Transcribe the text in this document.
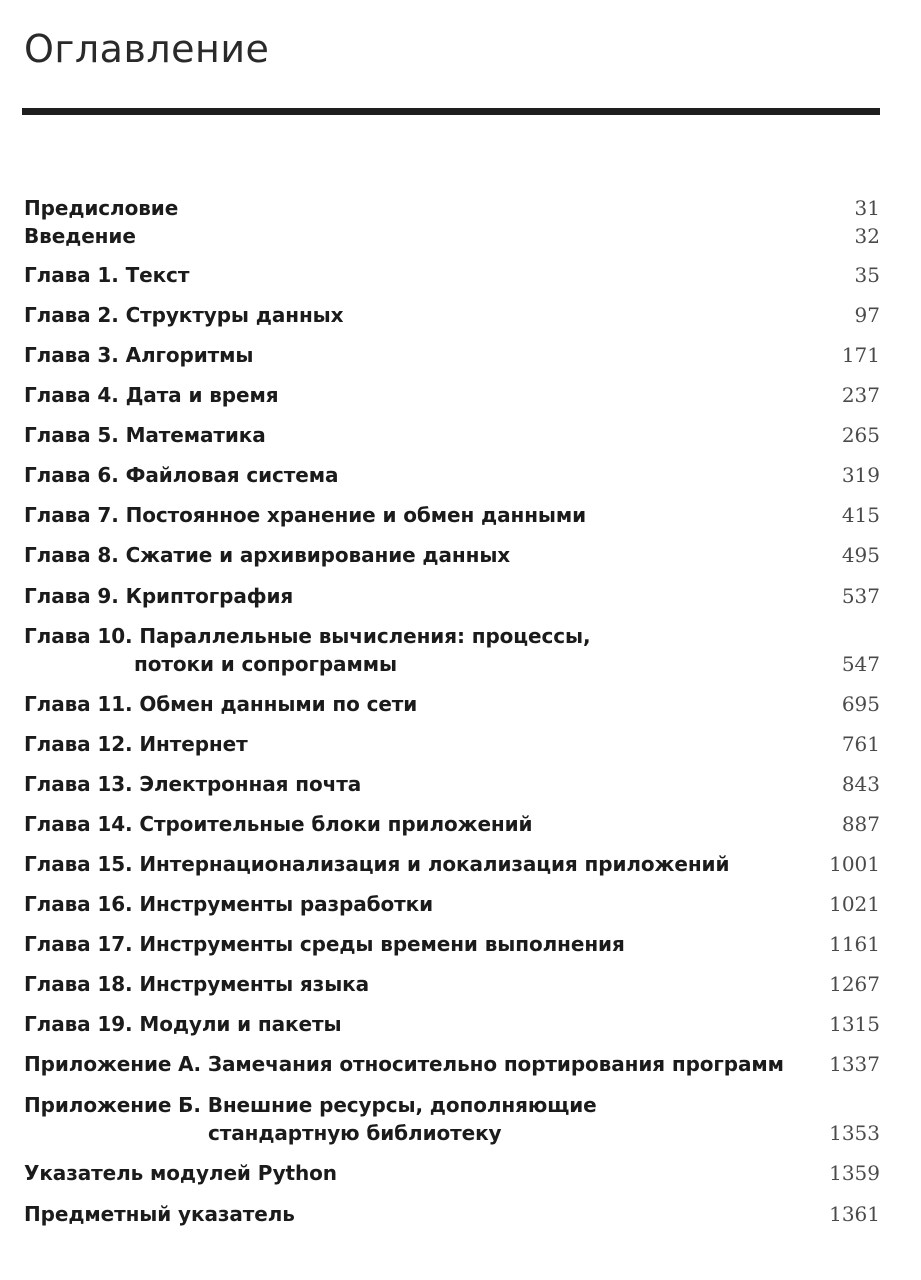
Оглавление
Предисловие	31
Введение	32
Глава 1. Текст	35
Глава 2. Структуры данных	97
Глава 3. Алгоритмы	171
Глава 4. Дата и время	237
Глава 5. Математика	265
Глава 6. Файловая система	319
Глава 7. Постоянное хранение и обмен данными	415
Глава 8. Сжатие и архивирование данных	495
Глава 9. Криптография	537
Глава 10. Параллельные вычисления: процессы,
потоки и сопрограммы	547
Глава 11. Обмен данными по сети	695
Глава 12. Интернет	761
Глава 13. Электронная почта	843
Глава 14. Строительные блоки приложений	887
Глава 15. Интернационализация и локализация приложений	1001
Глава 16. Инструменты разработки	1021
Глава 17. Инструменты среды времени выполнения	1161
Глава 18. Инструменты языка	1267
Глава 19. Модули и пакеты	1315
Приложение А. Замечания относительно портирования программ 1337
Приложение Б. Внешние ресурсы, дополняющие
стандартную библиотеку	1353
Указатель модулей Python	1359
Предметный указатель	1361
